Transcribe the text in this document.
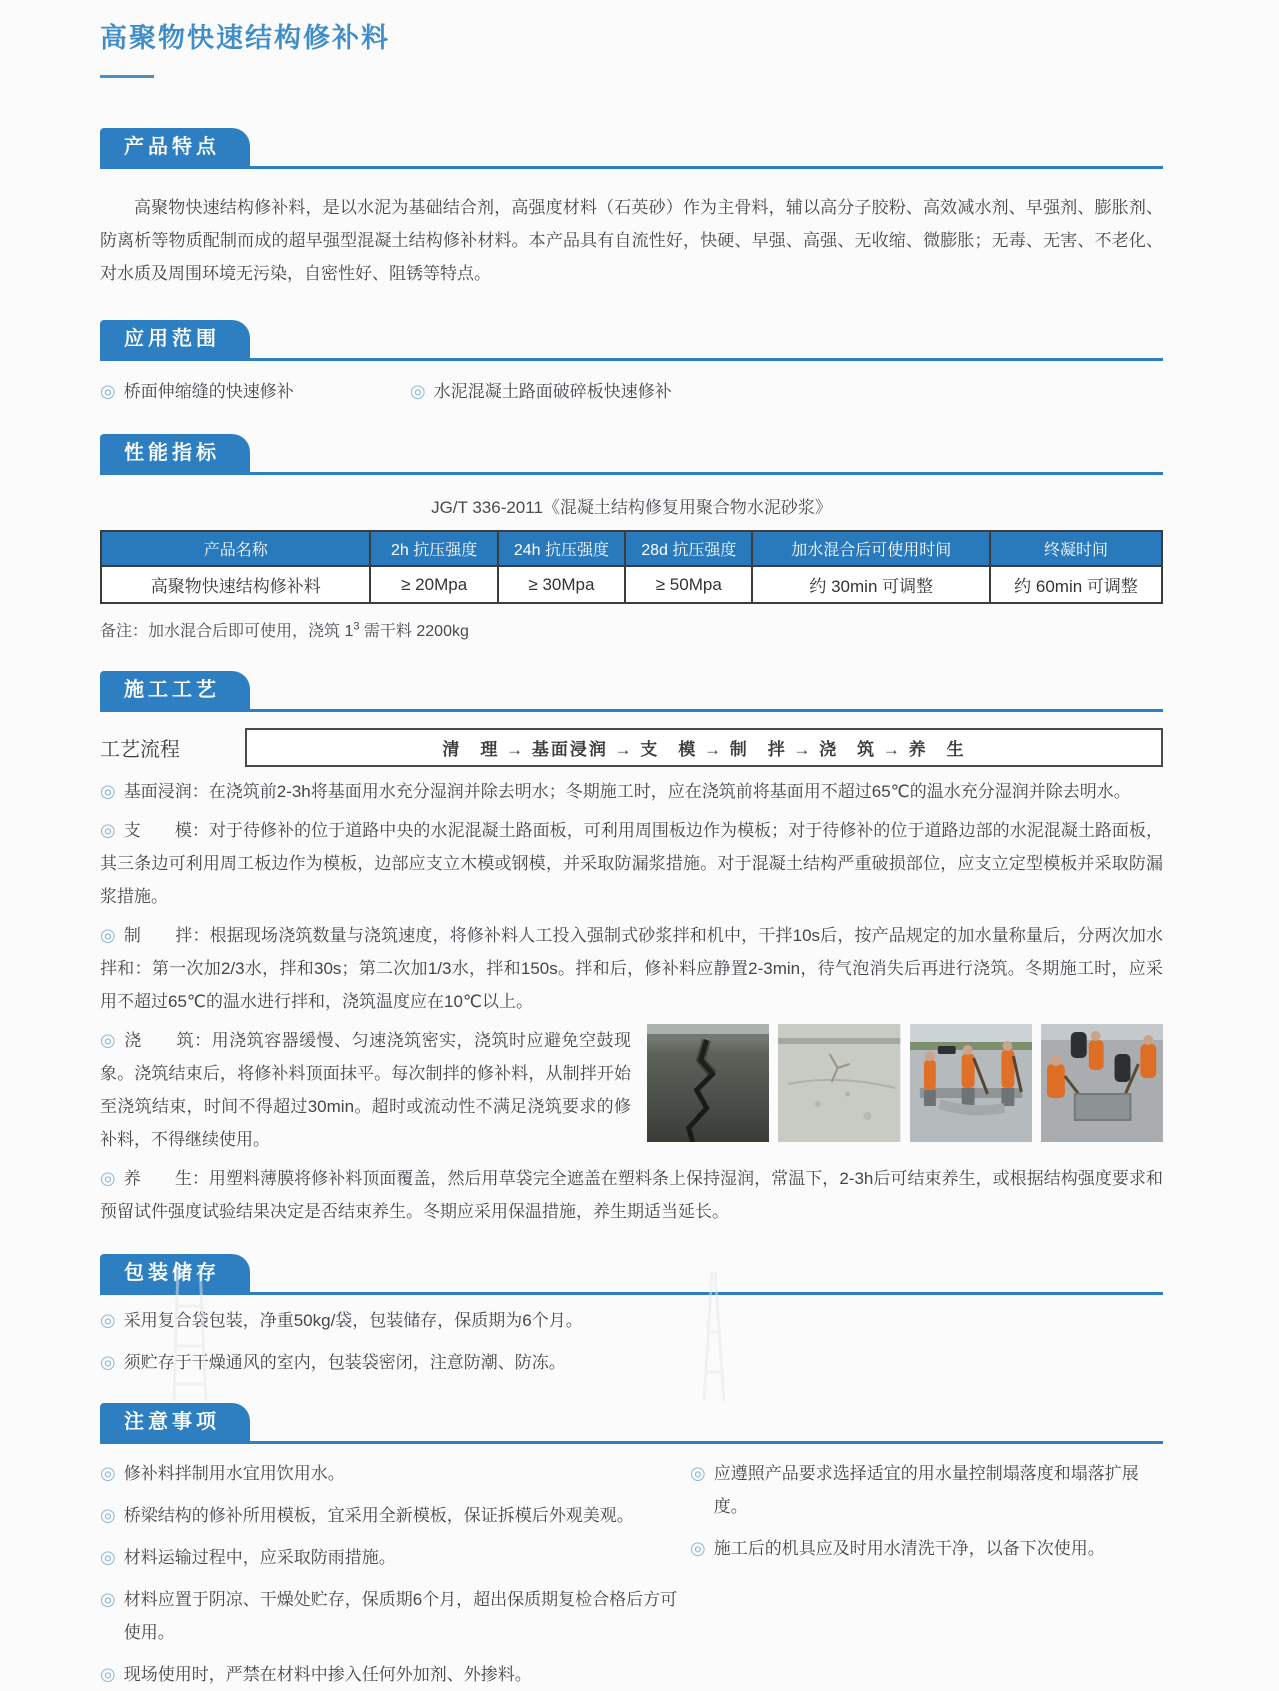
高聚物快速结构修补料
产品特点

高聚物快速结构修补料，是以水泥为基础结合剂，高强度材料（石英砂）作为主骨料，辅以高分子胶粉、高效减水剂、早强剂、膨胀剂、防离析等物质配制而成的超早强型混凝土结构修补材料。本产品具有自流性好，快硬、早强、高强、无收缩、微膨胀；无毒、无害、不老化、对水质及周围环境无污染，自密性好、阻锈等特点。

应用范围
◎ 桥面伸缩缝的快速修补	◎ 水泥混凝土路面破碎板快速修补
性能指标
JG/T 336-2011《混凝土结构修复用聚合物水泥砂浆》
产品名称	2h 抗压强度	24h 抗压强度	28d 抗压强度	加水混合后可使用时间	终凝时间
高聚物快速结构修补料	≥ 20Mpa	≥ 30Mpa	≥ 50Mpa	约 30min 可调整	约 60min 可调整
备注：加水混合后即可使用，浇筑 $1^3$ 需干料 2200kg
施工工艺
工艺流程	清　理 → 基面浸润 → 支　模 → 制　拌 → 浇　筑 → 养　生
◎ 基面浸润：在浇筑前2-3h将基面用水充分湿润并除去明水；冬期施工时，应在浇筑前将基面用不超过65℃的温水充分湿润并除去明水。
◎ 支　　模：对于待修补的位于道路中央的水泥混凝土路面板，可利用周围板边作为模板；对于待修补的位于道路边部的水泥混凝土路面板，其三条边可利用周工板边作为模板，边部应支立木模或钢模，并采取防漏浆措施。对于混凝土结构严重破损部位，应支立定型模板并采取防漏浆措施。
◎ 制　　拌：根据现场浇筑数量与浇筑速度，将修补料人工投入强制式砂浆拌和机中，干拌10s后，按产品规定的加水量称量后，分两次加水拌和：第一次加2/3水，拌和30s；第二次加1/3水，拌和150s。拌和后，修补料应静置2-3min，待气泡消失后再进行浇筑。冬期施工时，应采用不超过65℃的温水进行拌和，浇筑温度应在10℃以上。
◎ 浇　　筑：用浇筑容器缓慢、匀速浇筑密实，浇筑时应避免空鼓现象。浇筑结束后，将修补料顶面抹平。每次制拌的修补料，从制拌开始至浇筑结束，时间不得超过30min。超时或流动性不满足浇筑要求的修补料，不得继续使用。
◎ 养　　生：用塑料薄膜将修补料顶面覆盖，然后用草袋完全遮盖在塑料条上保持湿润，常温下，2-3h后可结束养生，或根据结构强度要求和预留试件强度试验结果决定是否结束养生。冬期应采用保温措施，养生期适当延长。
包装储存
◎ 采用复合袋包装，净重50kg/袋，包装储存，保质期为6个月。
◎ 须贮存于干燥通风的室内，包装袋密闭，注意防潮、防冻。
注意事项
◎ 修补料拌制用水宜用饮用水。
◎ 桥梁结构的修补所用模板，宜采用全新模板，保证拆模后外观美观。
◎ 材料运输过程中，应采取防雨措施。
◎ 材料应置于阴凉、干燥处贮存，保质期6个月，超出保质期复检合格后方可使用。
◎ 现场使用时，严禁在材料中掺入任何外加剂、外掺料。
◎ 应遵照产品要求选择适宜的用水量控制塌落度和塌落扩展度。
◎ 施工后的机具应及时用水清洗干净，以备下次使用。
